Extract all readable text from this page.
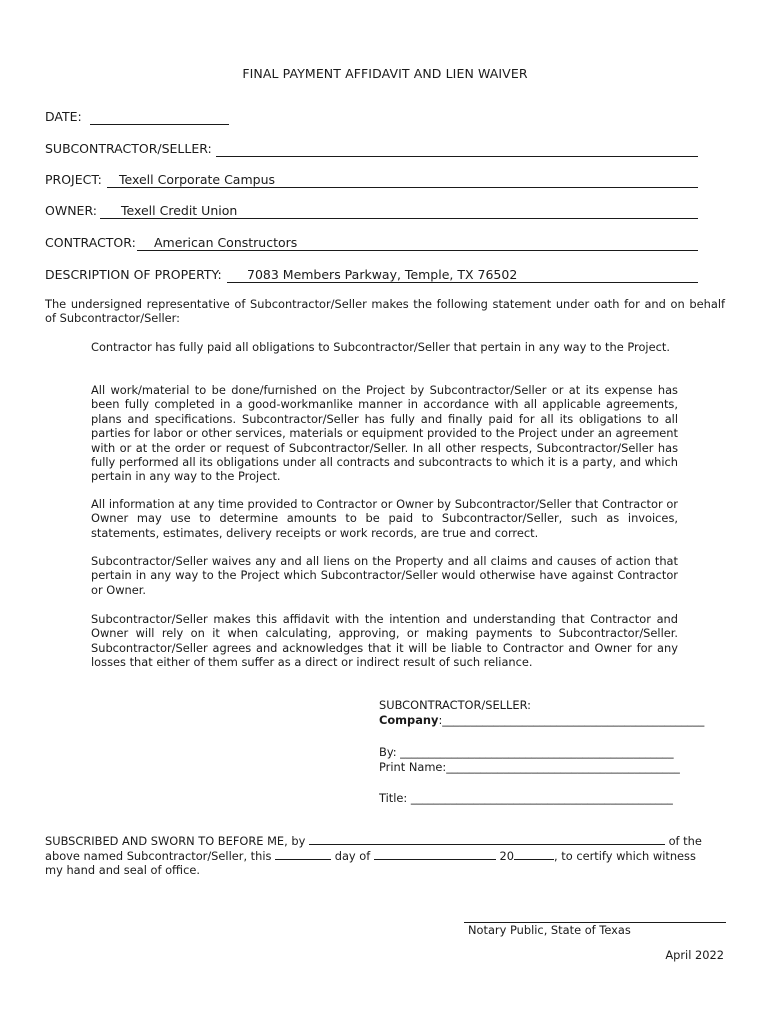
FINAL PAYMENT AFFIDAVIT AND LIEN WAIVER
DATE:
SUBCONTRACTOR/SELLER:
PROJECT: Texell Corporate Campus
OWNER: Texell Credit Union
CONTRACTOR: American Constructors
DESCRIPTION OF PROPERTY: 7083 Members Parkway, Temple, TX 76502
The undersigned representative of Subcontractor/Seller makes the following statement under oath for and on behalf of Subcontractor/Seller:
Contractor has fully paid all obligations to Subcontractor/Seller that pertain in any way to the Project.
All work/material to be done/furnished on the Project by Subcontractor/Seller or at its expense has been fully completed in a good-workmanlike manner in accordance with all applicable agreements, plans and specifications. Subcontractor/Seller has fully and finally paid for all its obligations to all parties for labor or other services, materials or equipment provided to the Project under an agreement with or at the order or request of Subcontractor/Seller. In all other respects, Subcontractor/Seller has fully performed all its obligations under all contracts and subcontracts to which it is a party, and which pertain in any way to the Project.
All information at any time provided to Contractor or Owner by Subcontractor/Seller that Contractor or Owner may use to determine amounts to be paid to Subcontractor/Seller, such as invoices, statements, estimates, delivery receipts or work records, are true and correct.
Subcontractor/Seller waives any and all liens on the Property and all claims and causes of action that pertain in any way to the Project which Subcontractor/Seller would otherwise have against Contractor or Owner.
Subcontractor/Seller makes this affidavit with the intention and understanding that Contractor and Owner will rely on it when calculating, approving, or making payments to Subcontractor/Seller. Subcontractor/Seller agrees and acknowledges that it will be liable to Contractor and Owner for any losses that either of them suffer as a direct or indirect result of such reliance.
SUBCONTRACTOR/SELLER:
Company:______________________________________________
By: ________________________________________________
Print Name:_________________________________________
Title: ______________________________________________
SUBSCRIBED AND SWORN TO BEFORE ME, by	of the
above named Subcontractor/Seller, this	day of	20	, to certify which witness
my hand and seal of office.
Notary Public, State of Texas
April 2022
